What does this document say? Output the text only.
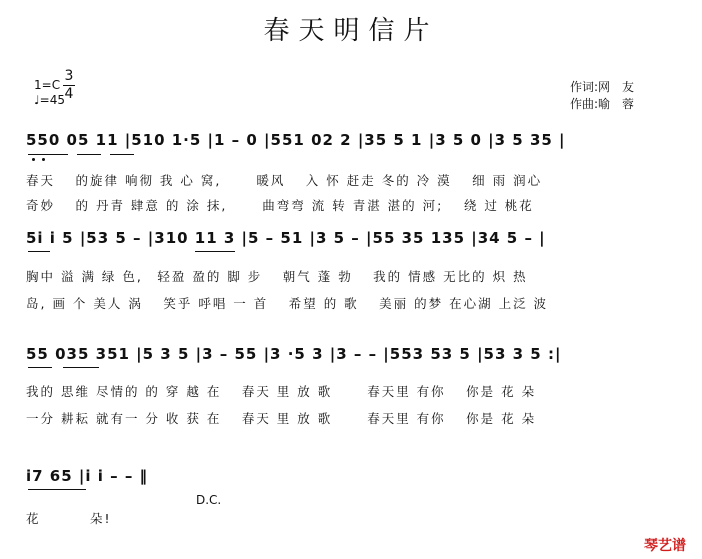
春天明信片
1=C
3
4
♩=45
作词:网　友
作曲:喻　蓉
550 05 11 |510 1·5 |1 – 0 |551 02 2 |35 5 1 |3 5 0 |3 5 35 |
春天　 的旋律 响彻 我 心 窝,　　 暖风　 入 怀 赶走 冬的 冷 漠　 细 雨 润心
奇妙　 的 丹青 肆意 的 涂 抹,　 　曲弯弯 流 转 青湛 湛的 河;　 绕 过 桃花
5i i 5 |53 5 – |310 11 3 |5 – 51 |3 5 – |55 35 135 |34 5 – |
胸中 溢 满 绿 色,　轻盈 盈的 脚 步　 朝气 蓬 勃　 我的 情感 无比的 炽 热
岛, 画 个 美人 涡　 笑乎 呼唱 一 首　 希望 的 歌　 美丽 的梦 在心湖 上泛 波
55 035 351 |5 3 5 |3 – 55 |3 ·5 3 |3 – – |553 53 5 |53 3 5 :|
我的 思维 尽情的 的 穿 越 在　 春天 里 放 歌　　 春天里 有你　 你是 花 朵
一分 耕耘 就有一 分 收 获 在　 春天 里 放 歌　　 春天里 有你　 你是 花 朵
i7 65 |i i – – ‖
D.C.
花　　　 朵!
琴艺谱
